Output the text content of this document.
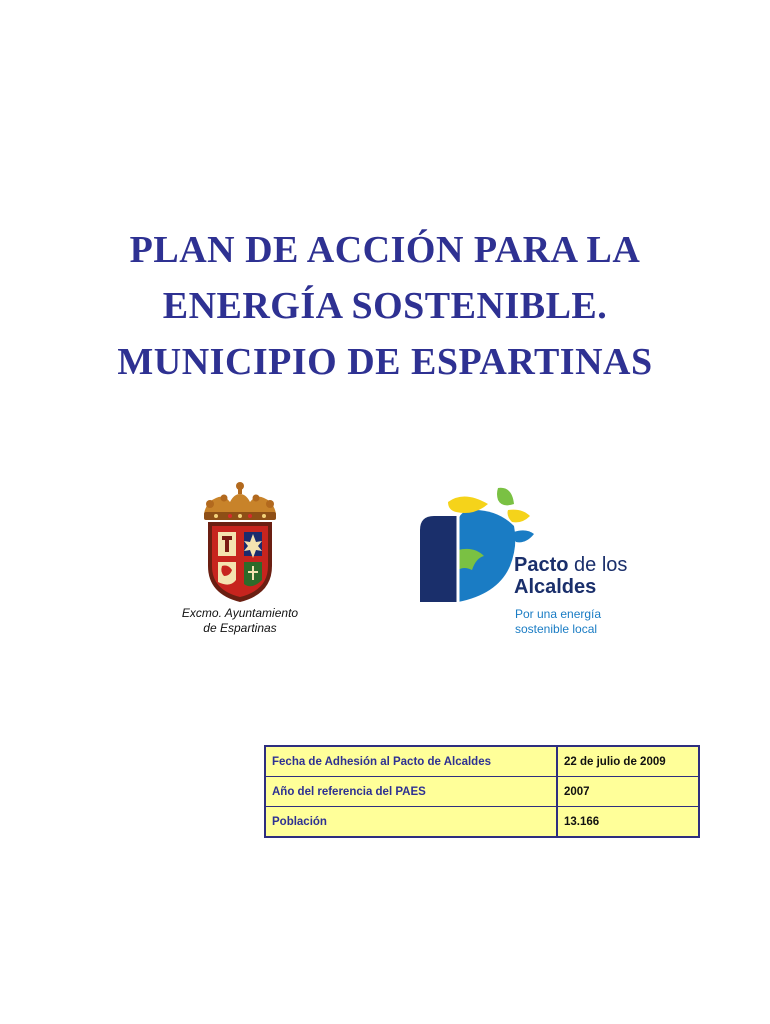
PLAN DE ACCIÓN PARA LA
ENERGÍA SOSTENIBLE.
MUNICIPIO DE ESPARTINAS
Excmo. Ayuntamiento
de Espartinas
Pacto de los
Alcaldes
Por una energía
sostenible local
Fecha de Adhesión al Pacto de Alcaldes	22 de julio de 2009
Año del referencia del PAES	2007
Población	13.166
